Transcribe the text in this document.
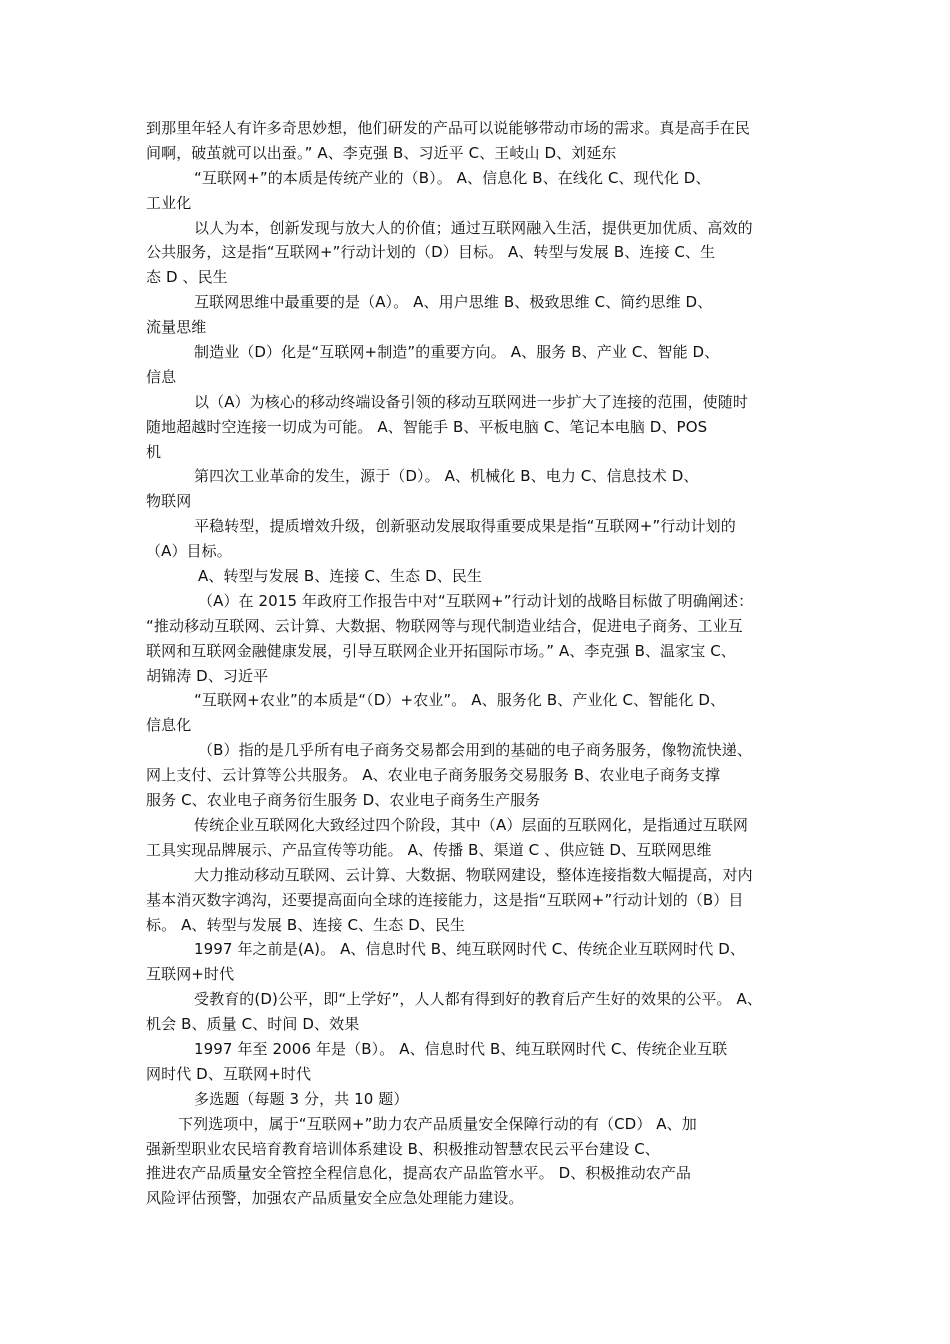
到那里年轻人有许多奇思妙想，他们研发的产品可以说能够带动市场的需求。真是高手在民
间啊，破茧就可以出蚕。” A、李克强 B、习近平 C、王岐山 D、刘延东
“互联网+”的本质是传统产业的（B）。 A、信息化 B、在线化 C、现代化 D、
工业化
以人为本，创新发现与放大人的价值；通过互联网融入生活，提供更加优质、高效的
公共服务，这是指“互联网+”行动计划的（D）目标。 A、转型与发展 B、连接 C、生
态 D 、民生
互联网思维中最重要的是（A）。 A、用户思维 B、极致思维 C、简约思维 D、
流量思维
制造业（D）化是“互联网+制造”的重要方向。 A、服务 B、产业 C、智能 D、
信息
以（A）为核心的移动终端设备引领的移动互联网进一步扩大了连接的范围，使随时
随地超越时空连接一切成为可能。 A、智能手 B、平板电脑 C、笔记本电脑 D、POS
机
第四次工业革命的发生，源于（D）。 A、机械化 B、电力 C、信息技术 D、
物联网
平稳转型，提质增效升级，创新驱动发展取得重要成果是指“互联网+”行动计划的
（A）目标。
A、转型与发展 B、连接 C、生态 D、民生
（A）在 2015 年政府工作报告中对“互联网+”行动计划的战略目标做了明确阐述：
“推动移动互联网、云计算、大数据、物联网等与现代制造业结合，促进电子商务、工业互
联网和互联网金融健康发展，引导互联网企业开拓国际市场。” A、李克强 B、温家宝 C、
胡锦涛 D、习近平
“互联网+农业”的本质是“（D）+农业”。 A、服务化 B、产业化 C、智能化 D、
信息化
（B）指的是几乎所有电子商务交易都会用到的基础的电子商务服务，像物流快递、
网上支付、云计算等公共服务。 A、农业电子商务服务交易服务 B、农业电子商务支撑
服务 C、农业电子商务衍生服务 D、农业电子商务生产服务
传统企业互联网化大致经过四个阶段，其中（A）层面的互联网化，是指通过互联网
工具实现品牌展示、产品宣传等功能。 A、传播 B、渠道 C 、供应链 D、互联网思维
大力推动移动互联网、云计算、大数据、物联网建设，整体连接指数大幅提高，对内
基本消灭数字鸿沟，还要提高面向全球的连接能力，这是指“互联网+”行动计划的（B）目
标。 A、转型与发展 B、连接 C、生态 D、民生
1997 年之前是(A)。 A、信息时代 B、纯互联网时代 C、传统企业互联网时代 D、
互联网+时代
受教育的(D)公平，即“上学好”，人人都有得到好的教育后产生好的效果的公平。 A、
机会 B、质量 C、时间 D、效果
1997 年至 2006 年是（B）。 A、信息时代 B、纯互联网时代 C、传统企业互联
网时代 D、互联网+时代
多选题（每题 3 分，共 10 题）
下列选项中，属于“互联网+”助力农产品质量安全保障行动的有（CD） A、加
强新型职业农民培育教育培训体系建设 B、积极推动智慧农民云平台建设 C、
推进农产品质量安全管控全程信息化，提高农产品监管水平。 D、积极推动农产品
风险评估预警，加强农产品质量安全应急处理能力建设。
